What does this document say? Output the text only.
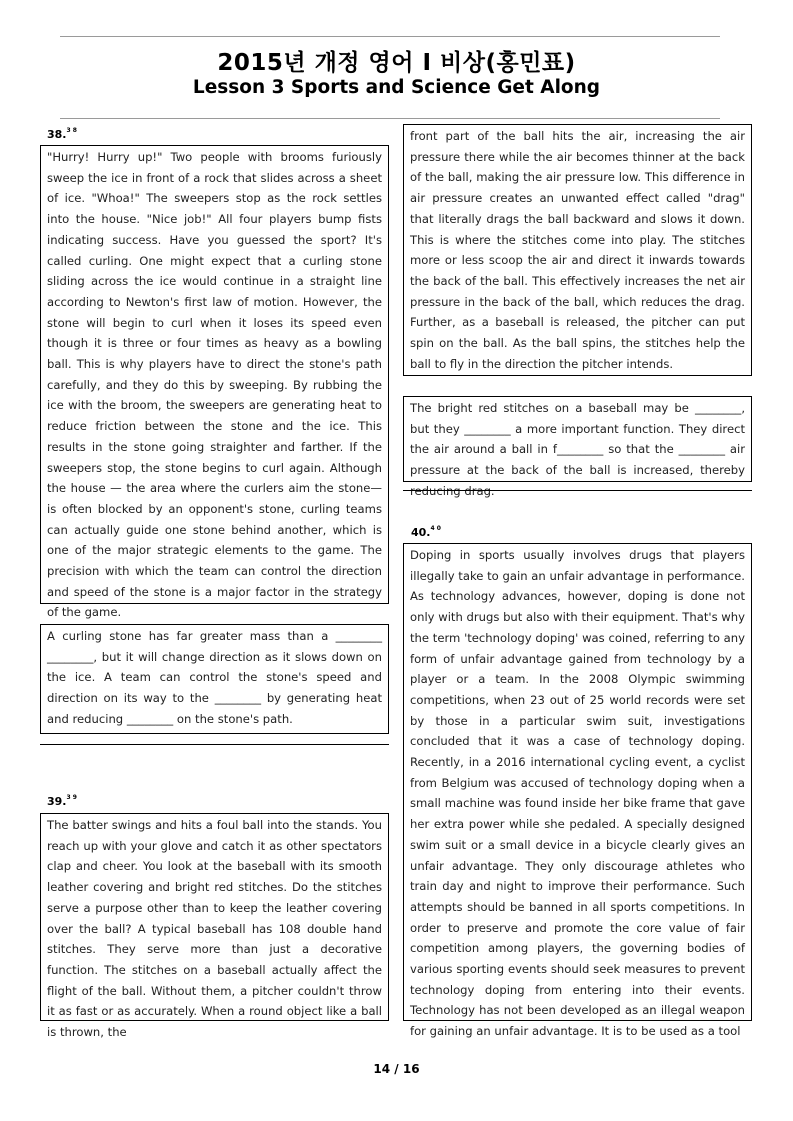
2015년 개정 영어 I 비상(홍민표)
Lesson 3 Sports and Science Get Along
38.$^{3 8}$

"Hurry! Hurry up!" Two people with brooms furiously sweep the ice in front of a rock that slides across a sheet of ice. "Whoa!" The sweepers stop as the rock settles into the house. "Nice job!" All four players bump fists indicating success. Have you guessed the sport? It's called curling. One might expect that a curling stone sliding across the ice would continue in a straight line according to Newton's first law of motion. However, the stone will begin to curl when it loses its speed even though it is three or four times as heavy as a bowling ball. This is why players have to direct the stone's path carefully, and they do this by sweeping. By rubbing the ice with the broom, the sweepers are generating heat to reduce friction between the stone and the ice. This results in the stone going straighter and farther. If the sweepers stop, the stone begins to curl again. Although the house — the area where the curlers aim the stone—is often blocked by an opponent's stone, curling teams can actually guide one stone behind another, which is one of the major strategic elements to the game. The precision with which the team can control the direction and speed of the stone is a major factor in the strategy of the game.

A curling stone has far greater mass than a ________ ________, but it will change direction as it slows down on the ice. A team can control the stone's speed and direction on its way to the ________ by generating heat and reducing ________ on the stone's path.

39.$^{3 9}$

The batter swings and hits a foul ball into the stands. You reach up with your glove and catch it as other spectators clap and cheer. You look at the baseball with its smooth leather covering and bright red stitches. Do the stitches serve a purpose other than to keep the leather covering over the ball? A typical baseball has 108 double hand stitches. They serve more than just a decorative function. The stitches on a baseball actually affect the flight of the ball. Without them, a pitcher couldn't throw it as fast or as accurately. When a round object like a ball is thrown, the

front part of the ball hits the air, increasing the air pressure there while the air becomes thinner at the back of the ball, making the air pressure low. This difference in air pressure creates an unwanted effect called "drag" that literally drags the ball backward and slows it down. This is where the stitches come into play. The stitches more or less scoop the air and direct it inwards towards the back of the ball. This effectively increases the net air pressure in the back of the ball, which reduces the drag. Further, as a baseball is released, the pitcher can put spin on the ball. As the ball spins, the stitches help the ball to fly in the direction the pitcher intends.

The bright red stitches on a baseball may be ________, but they ________ a more important function. They direct the air around a ball in f________ so that the ________ air pressure at the back of the ball is increased, thereby reducing drag.

40.$^{4 0}$

Doping in sports usually involves drugs that players illegally take to gain an unfair advantage in performance. As technology advances, however, doping is done not only with drugs but also with their equipment. That's why the term 'technology doping' was coined, referring to any form of unfair advantage gained from technology by a player or a team. In the 2008 Olympic swimming competitions, when 23 out of 25 world records were set by those in a particular swim suit, investigations concluded that it was a case of technology doping. Recently, in a 2016 international cycling event, a cyclist from Belgium was accused of technology doping when a small machine was found inside her bike frame that gave her extra power while she pedaled. A specially designed swim suit or a small device in a bicycle clearly gives an unfair advantage. They only discourage athletes who train day and night to improve their performance. Such attempts should be banned in all sports competitions. In order to preserve and promote the core value of fair competition among players, the governing bodies of various sporting events should seek measures to prevent technology doping from entering into their events. Technology has not been developed as an illegal weapon for gaining an unfair advantage. It is to be used as a tool

14 / 16
